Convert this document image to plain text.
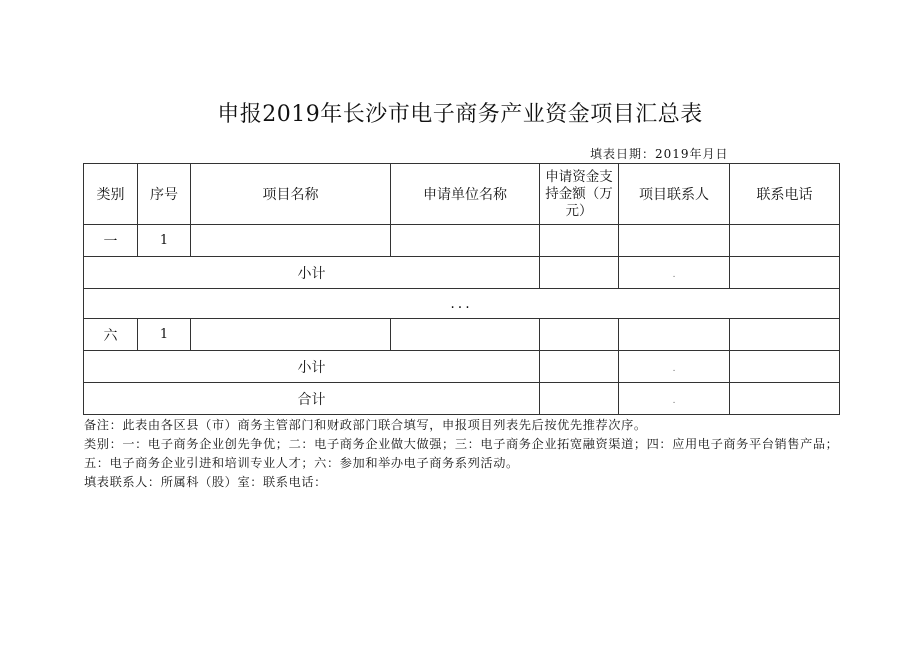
申报2019年长沙市电子商务产业资金项目汇总表
填表日期：2019年月日
类别	序号	项目名称	申请单位名称	申请资金支持金额（万元）	项目联系人	联系电话
一	1					
小计					.	
...						
六	1					
小计					.	
合计					.	

备注：此表由各区县（市）商务主管部门和财政部门联合填写，申报项目列表先后按优先推荐次序。

类别：一：电子商务企业创先争优；二：电子商务企业做大做强；三：电子商务企业拓宽融资渠道；四：应用电子商务平台销售产品；五：电子商务企业引进和培训专业人才；六：参加和举办电子商务系列活动。

填表联系人：所属科（股）室：联系电话：
